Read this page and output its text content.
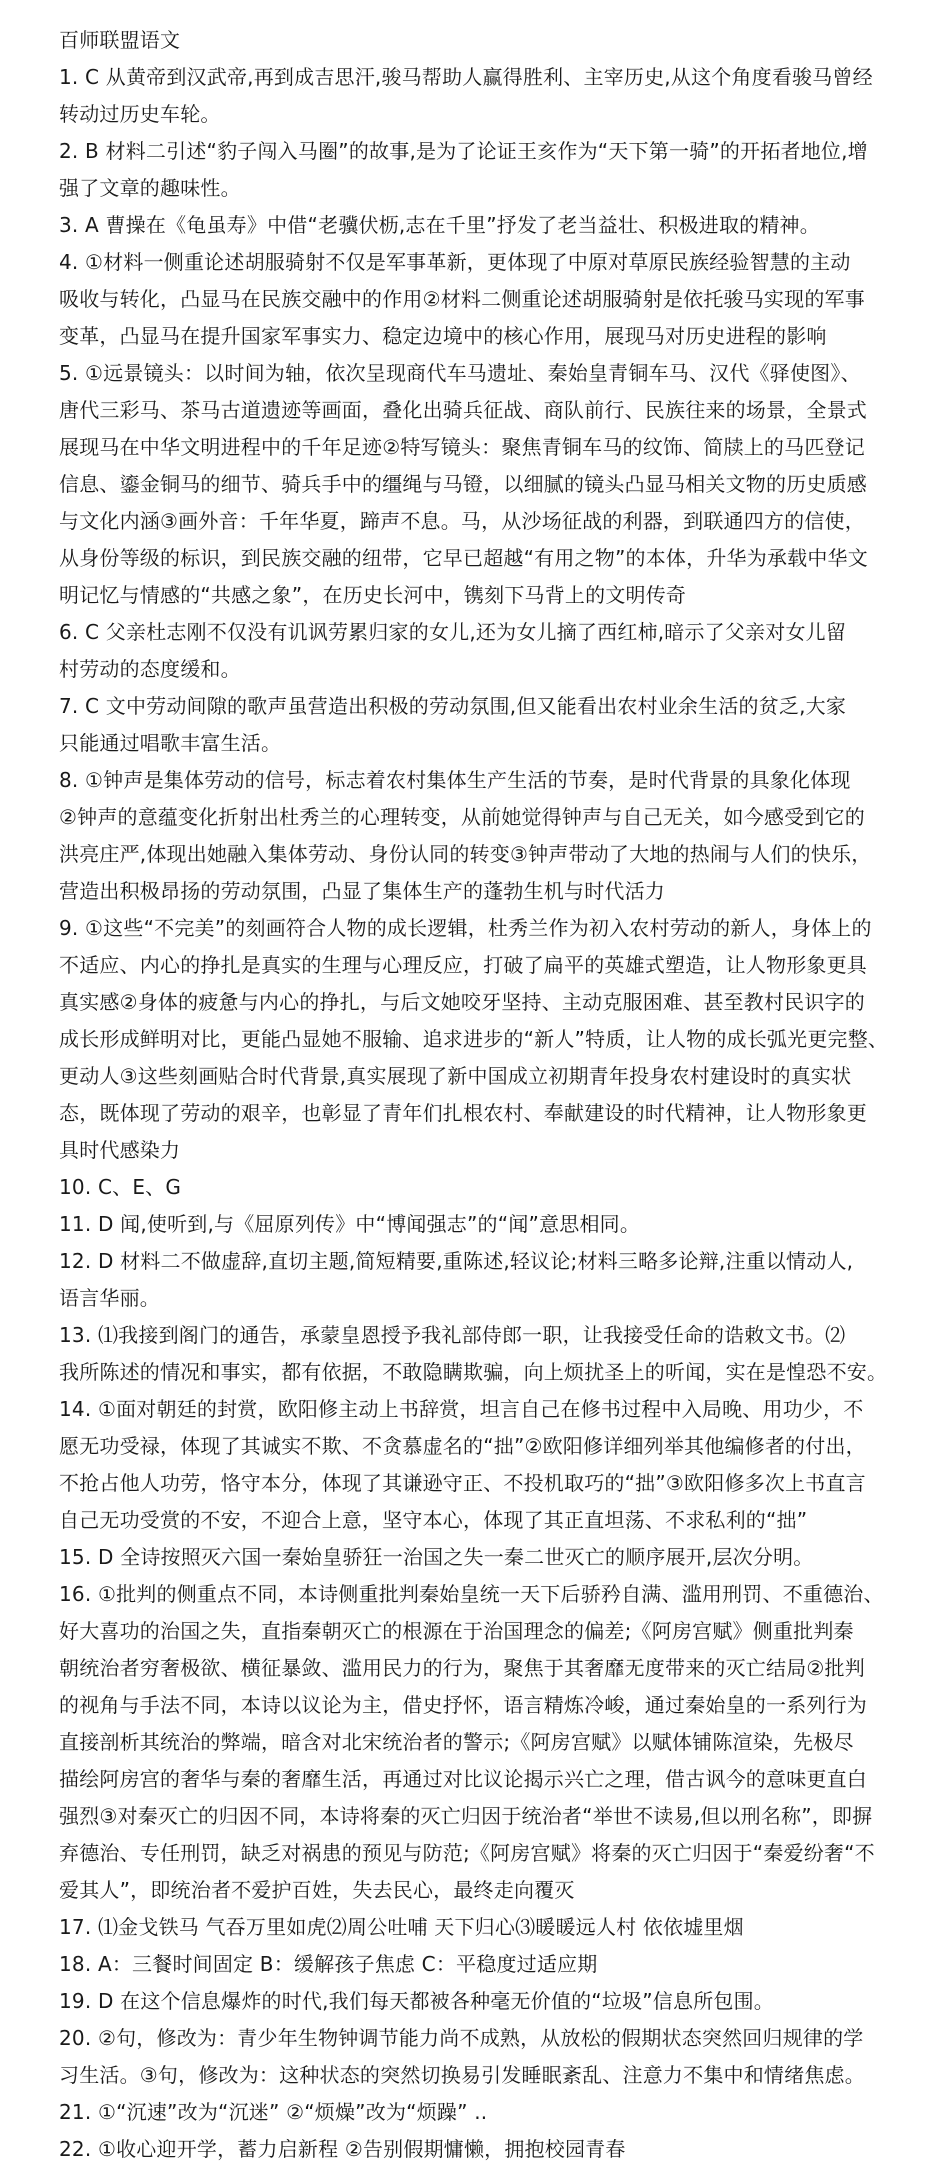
百师联盟语文
1. C 从黄帝到汉武帝,再到成吉思汗,骏马帮助人赢得胜利、主宰历史,从这个角度看骏马曾经
转动过历史车轮。
2. B 材料二引述“豹子闯入马圈”的故事,是为了论证王亥作为“天下第一骑”的开拓者地位,增
强了文章的趣味性。
3. A 曹操在《龟虽寿》中借“老骥伏枥,志在千里”抒发了老当益壮、积极进取的精神。
4. ①材料一侧重论述胡服骑射不仅是军事革新，更体现了中原对草原民族经验智慧的主动
吸收与转化，凸显马在民族交融中的作用②材料二侧重论述胡服骑射是依托骏马实现的军事
变革，凸显马在提升国家军事实力、稳定边境中的核心作用，展现马对历史进程的影响
5. ①远景镜头：以时间为轴，依次呈现商代车马遗址、秦始皇青铜车马、汉代《驿使图》、
唐代三彩马、茶马古道遗迹等画面，叠化出骑兵征战、商队前行、民族往来的场景，全景式
展现马在中华文明进程中的千年足迹②特写镜头：聚焦青铜车马的纹饰、简牍上的马匹登记
信息、鎏金铜马的细节、骑兵手中的缰绳与马镫，以细腻的镜头凸显马相关文物的历史质感
与文化内涵③画外音：千年华夏，蹄声不息。马，从沙场征战的利器，到联通四方的信使，
从身份等级的标识，到民族交融的纽带，它早已超越“有用之物”的本体，升华为承载中华文
明记忆与情感的“共感之象”，在历史长河中，镌刻下马背上的文明传奇
6. C 父亲杜志刚不仅没有讥讽劳累归家的女儿,还为女儿摘了西红柿,暗示了父亲对女儿留
村劳动的态度缓和。
7. C 文中劳动间隙的歌声虽营造出积极的劳动氛围,但又能看出农村业余生活的贫乏,大家
只能通过唱歌丰富生活。
8. ①钟声是集体劳动的信号，标志着农村集体生产生活的节奏，是时代背景的具象化体现
②钟声的意蕴变化折射出杜秀兰的心理转变，从前她觉得钟声与自己无关，如今感受到它的
洪亮庄严,体现出她融入集体劳动、身份认同的转变③钟声带动了大地的热闹与人们的快乐，
营造出积极昂扬的劳动氛围，凸显了集体生产的蓬勃生机与时代活力
9. ①这些“不完美”的刻画符合人物的成长逻辑，杜秀兰作为初入农村劳动的新人，身体上的
不适应、内心的挣扎是真实的生理与心理反应，打破了扁平的英雄式塑造，让人物形象更具
真实感②身体的疲惫与内心的挣扎，与后文她咬牙坚持、主动克服困难、甚至教村民识字的
成长形成鲜明对比，更能凸显她不服输、追求进步的“新人”特质，让人物的成长弧光更完整、
更动人③这些刻画贴合时代背景,真实展现了新中国成立初期青年投身农村建设时的真实状
态，既体现了劳动的艰辛，也彰显了青年们扎根农村、奉献建设的时代精神，让人物形象更
具时代感染力
10. C、E、G
11. D 闻,使听到,与《屈原列传》中“博闻强志”的“闻”意思相同。
12. D 材料二不做虚辞,直切主题,简短精要,重陈述,轻议论;材料三略多论辩,注重以情动人,
语言华丽。
13. ⑴我接到阁门的通告，承蒙皇恩授予我礼部侍郎一职，让我接受任命的诰敕文书。⑵
我所陈述的情况和事实，都有依据，不敢隐瞒欺骗，向上烦扰圣上的听闻，实在是惶恐不安。
14. ①面对朝廷的封赏，欧阳修主动上书辞赏，坦言自己在修书过程中入局晚、用功少，不
愿无功受禄，体现了其诚实不欺、不贪慕虚名的“拙”②欧阳修详细列举其他编修者的付出，
不抢占他人功劳，恪守本分，体现了其谦逊守正、不投机取巧的“拙”③欧阳修多次上书直言
自己无功受赏的不安，不迎合上意，坚守本心，体现了其正直坦荡、不求私利的“拙”
15. D 全诗按照灭六国一秦始皇骄狂一治国之失一秦二世灭亡的顺序展开,层次分明。
16. ①批判的侧重点不同，本诗侧重批判秦始皇统一天下后骄矜自满、滥用刑罚、不重德治、
好大喜功的治国之失，直指秦朝灭亡的根源在于治国理念的偏差;《阿房宫赋》侧重批判秦
朝统治者穷奢极欲、横征暴敛、滥用民力的行为，聚焦于其奢靡无度带来的灭亡结局②批判
的视角与手法不同，本诗以议论为主，借史抒怀，语言精炼冷峻，通过秦始皇的一系列行为
直接剖析其统治的弊端，暗含对北宋统治者的警示;《阿房宫赋》以赋体铺陈渲染，先极尽
描绘阿房宫的奢华与秦的奢靡生活，再通过对比议论揭示兴亡之理，借古讽今的意味更直白
强烈③对秦灭亡的归因不同，本诗将秦的灭亡归因于统治者“举世不读易,但以刑名称”，即摒
弃德治、专任刑罚，缺乏对祸患的预见与防范;《阿房宫赋》将秦的灭亡归因于“秦爱纷奢“不
爱其人”，即统治者不爱护百姓，失去民心，最终走向覆灭
17. ⑴金戈铁马 气吞万里如虎⑵周公吐哺 天下归心⑶暖暖远人村 依依墟里烟
18. A：三餐时间固定 B：缓解孩子焦虑 C：平稳度过适应期
19. D 在这个信息爆炸的时代,我们每天都被各种毫无价值的“垃圾”信息所包围。
20. ②句，修改为：青少年生物钟调节能力尚不成熟，从放松的假期状态突然回归规律的学
习生活。③句，修改为：这种状态的突然切换易引发睡眠紊乱、注意力不集中和情绪焦虑。
21. ①“沉速”改为“沉迷” ②“烦燥”改为“烦躁” ..
22. ①收心迎开学，蓄力启新程 ②告别假期慵懒，拥抱校园青春
